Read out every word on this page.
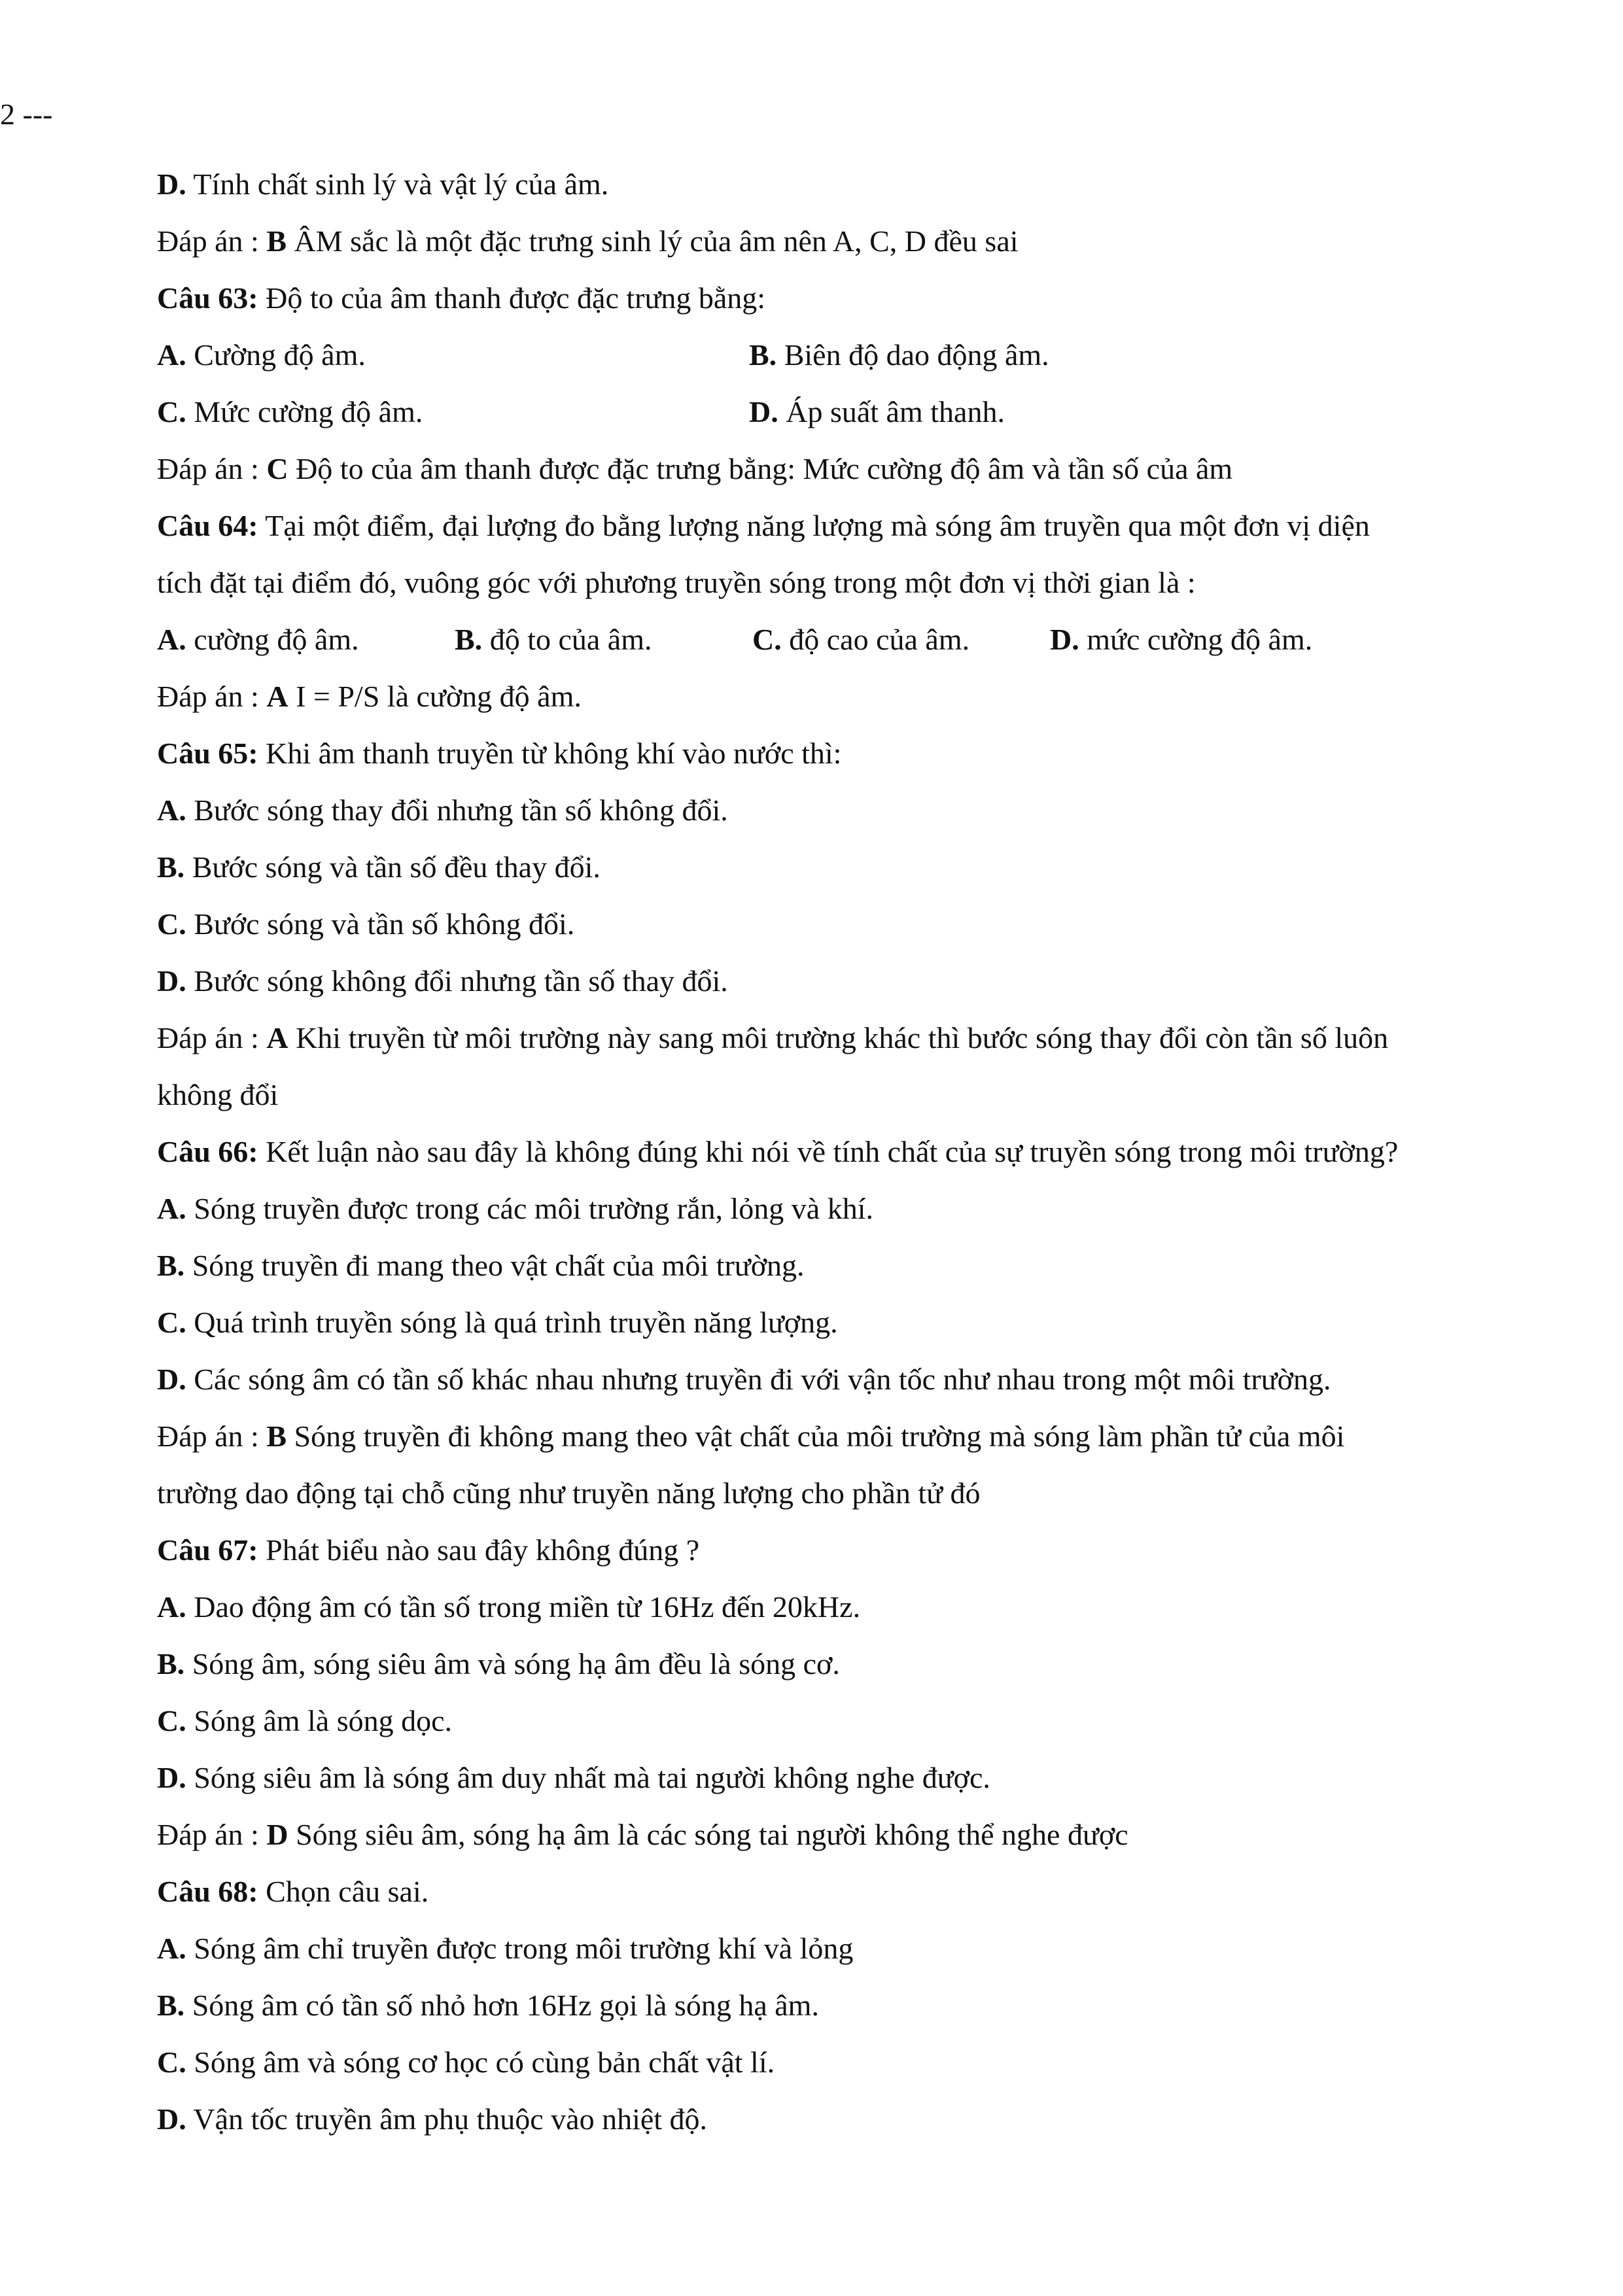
2 ---
D. Tính chất sinh lý và vật lý của âm.
Đáp án : B ÂM sắc là một đặc trưng sinh lý của âm nên A, C, D đều sai
Câu 63: Độ to của âm thanh được đặc trưng bằng:
A. Cường độ âm.	B. Biên độ dao động âm.
C. Mức cường độ âm.	D. Áp suất âm thanh.
Đáp án : C Độ to của âm thanh được đặc trưng bằng: Mức cường độ âm và tần số của âm
Câu 64: Tại một điểm, đại lượng đo bằng lượng năng lượng mà sóng âm truyền qua một đơn vị diện
tích đặt tại điểm đó, vuông góc với phương truyền sóng trong một đơn vị thời gian là :
A. cường độ âm.	B. độ to của âm.	C. độ cao của âm.	D. mức cường độ âm.
Đáp án : A I = P/S là cường độ âm.
Câu 65: Khi âm thanh truyền từ không khí vào nước thì:
A. Bước sóng thay đổi nhưng tần số không đổi.
B. Bước sóng và tần số đều thay đổi.
C. Bước sóng và tần số không đổi.
D. Bước sóng không đổi nhưng tần số thay đổi.
Đáp án : A Khi truyền từ môi trường này sang môi trường khác thì bước sóng thay đổi còn tần số luôn
không đổi
Câu 66: Kết luận nào sau đây là không đúng khi nói về tính chất của sự truyền sóng trong môi trường?
A. Sóng truyền được trong các môi trường rắn, lỏng và khí.
B. Sóng truyền đi mang theo vật chất của môi trường.
C. Quá trình truyền sóng là quá trình truyền năng lượng.
D. Các sóng âm có tần số khác nhau nhưng truyền đi với vận tốc như nhau trong một môi trường.
Đáp án : B Sóng truyền đi không mang theo vật chất của môi trường mà sóng làm phần tử của môi
trường dao động tại chỗ cũng như truyền năng lượng cho phần tử đó
Câu 67: Phát biểu nào sau đây không đúng ?
A. Dao động âm có tần số trong miền từ 16Hz đến 20kHz.
B. Sóng âm, sóng siêu âm và sóng hạ âm đều là sóng cơ.
C. Sóng âm là sóng dọc.
D. Sóng siêu âm là sóng âm duy nhất mà tai người không nghe được.
Đáp án : D Sóng siêu âm, sóng hạ âm là các sóng tai người không thể nghe được
Câu 68: Chọn câu sai.
A. Sóng âm chỉ truyền được trong môi trường khí và lỏng
B. Sóng âm có tần số nhỏ hơn 16Hz gọi là sóng hạ âm.
C. Sóng âm và sóng cơ học có cùng bản chất vật lí.
D. Vận tốc truyền âm phụ thuộc vào nhiệt độ.
